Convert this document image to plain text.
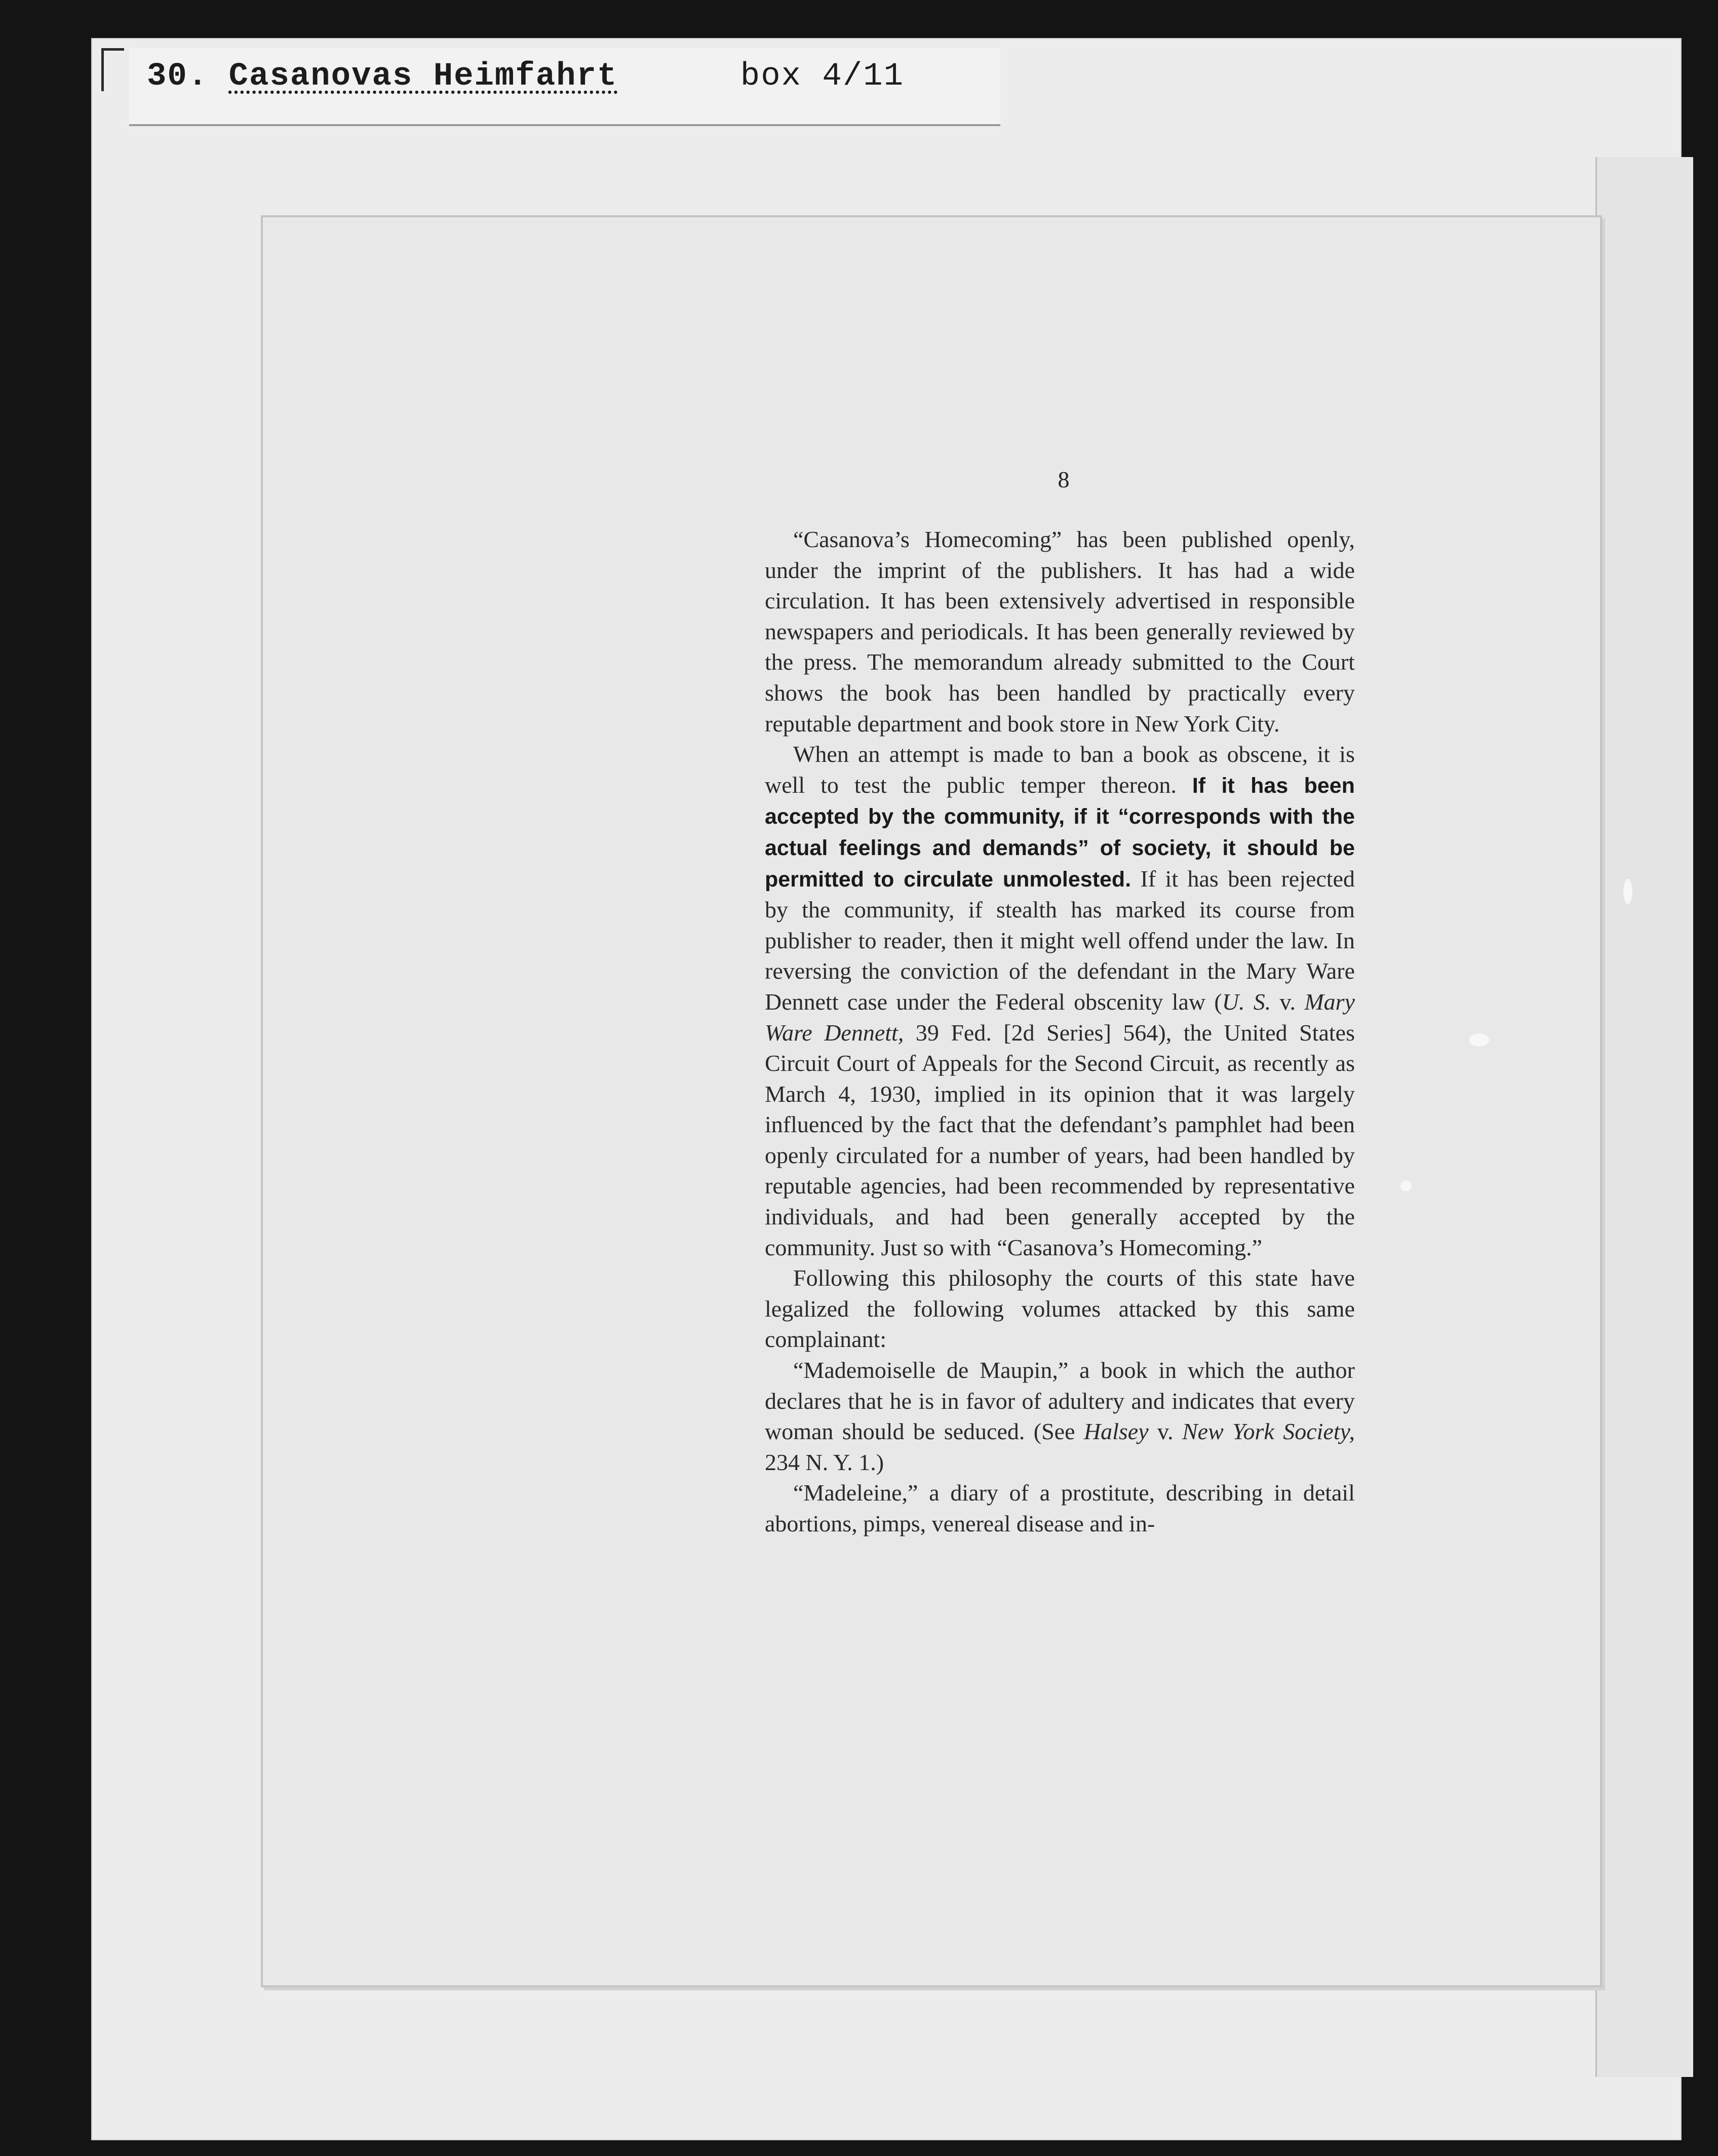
30. Casanovas Heimfahrt	box 4/11
8

“Casanova’s Homecoming” has been published openly, under the imprint of the publishers. It has had a wide circulation. It has been extensively advertised in responsible newspapers and periodicals. It has been generally reviewed by the press. The memorandum already submitted to the Court shows the book has been handled by practically every reputable department and book store in New York City.

When an attempt is made to ban a book as obscene, it is well to test the public temper thereon. If it has been accepted by the community, if it “corresponds with the actual feelings and demands” of society, it should be permitted to circulate unmolested. If it has been rejected by the community, if stealth has marked its course from publisher to reader, then it might well offend under the law. In reversing the conviction of the defendant in the Mary Ware Dennett case under the Federal obscenity law (U. S. v. Mary Ware Dennett, 39 Fed. [2d Series] 564), the United States Circuit Court of Appeals for the Second Circuit, as recently as March 4, 1930, implied in its opinion that it was largely influenced by the fact that the defendant’s pamphlet had been openly circulated for a number of years, had been handled by reputable agencies, had been recommended by representative individuals, and had been generally accepted by the community. Just so with “Casanova’s Homecoming.”

Following this philosophy the courts of this state have legalized the following volumes attacked by this same complainant:

“Mademoiselle de Maupin,” a book in which the author declares that he is in favor of adultery and indicates that every woman should be seduced. (See Halsey v. New York Society, 234 N. Y. 1.)

“Madeleine,” a diary of a prostitute, describing in detail abortions, pimps, venereal disease and in-
